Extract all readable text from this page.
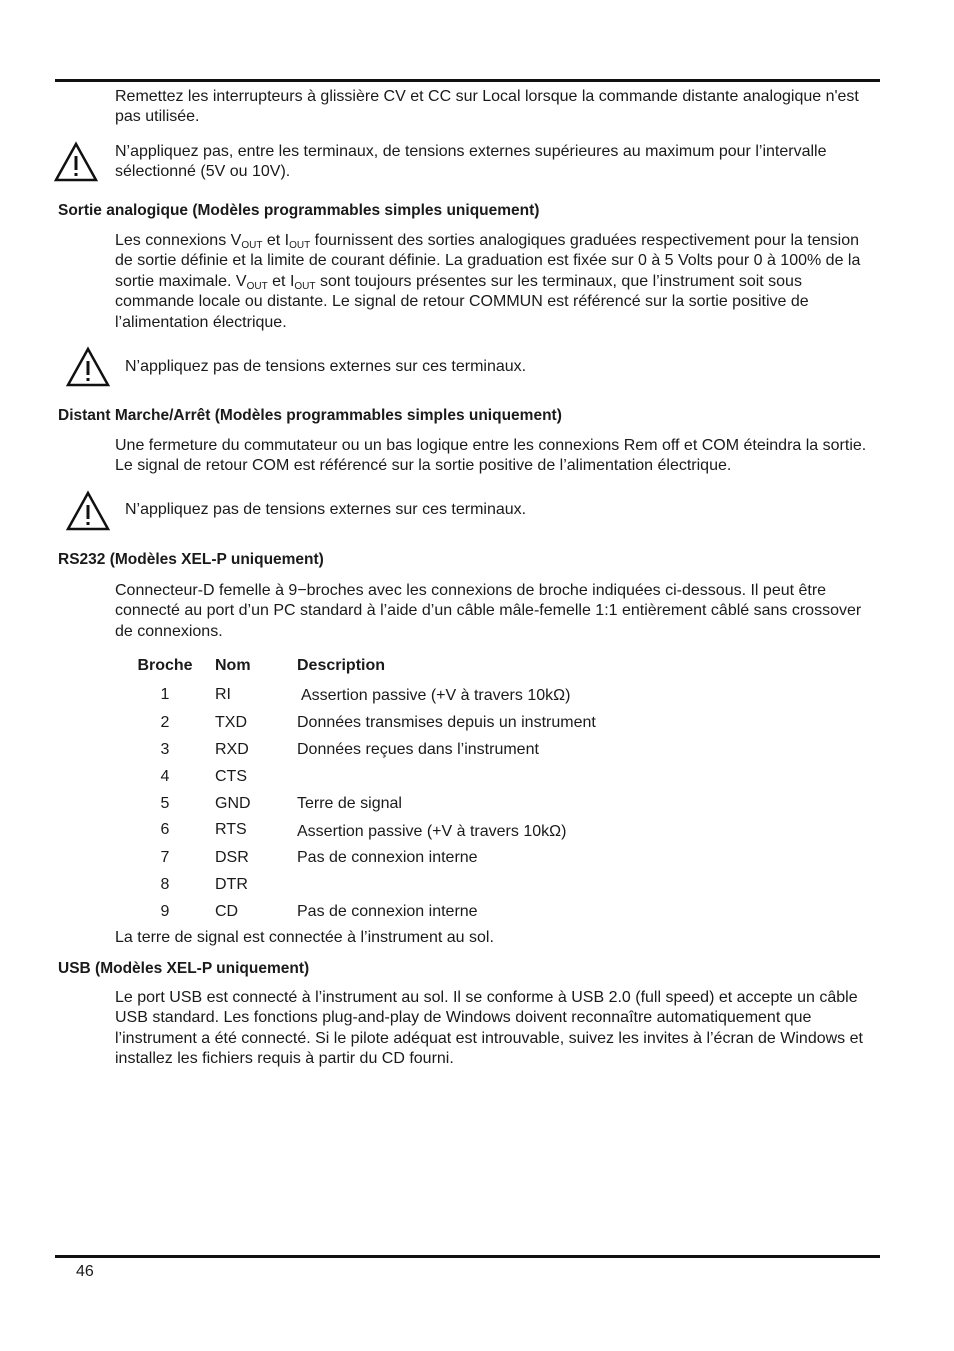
Remettez les interrupteurs à glissière CV et CC sur Local lorsque la commande distante analogique n'est pas utilisée.

N’appliquez pas, entre les terminaux, de tensions externes supérieures au maximum pour l’intervalle sélectionné (5V ou 10V).

Sortie analogique (Modèles programmables simples uniquement)

Les connexions $V_{OUT}$ et $I_{OUT}$ fournissent des sorties analogiques graduées respectivement pour la tension de sortie définie et la limite de courant définie. La graduation est fixée sur 0 à 5 Volts pour 0 à 100% de la sortie maximale. $V_{OUT}$ et $I_{OUT}$ sont toujours présentes sur les terminaux, que l’instrument soit sous commande locale ou distante. Le signal de retour COMMUN est référencé sur la sortie positive de l’alimentation électrique.

N’appliquez pas de tensions externes sur ces terminaux.

Distant Marche/Arrêt (Modèles programmables simples uniquement)

Une fermeture du commutateur ou un bas logique entre les connexions Rem off et COM éteindra la sortie. Le signal de retour COM est référencé sur la sortie positive de l’alimentation électrique.

N’appliquez pas de tensions externes sur ces terminaux.

RS232 (Modèles XEL-P uniquement)

Connecteur-D femelle à 9−broches avec les connexions de broche indiquées ci-dessous. Il peut être connecté au port d’un PC standard à l’aide d’un câble mâle-femelle 1:1 entièrement câblé sans crossover de connexions.

Broche Nom	Description
1	RI	Assertion passive (+V à travers 10kΩ)
2	TXD	Données transmises depuis un instrument
3	RXD	Données reçues dans l’instrument
4	CTS
5	GND	Terre de signal
6	RTS	Assertion passive (+V à travers 10kΩ)
7	DSR	Pas de connexion interne
8	DTR
9	CD	Pas de connexion interne

La terre de signal est connectée à l’instrument au sol.

USB (Modèles XEL-P uniquement)

Le port USB est connecté à l’instrument au sol. Il se conforme à USB 2.0 (full speed) et accepte un câble USB standard. Les fonctions plug-and-play de Windows doivent reconnaître automatiquement que l’instrument a été connecté. Si le pilote adéquat est introuvable, suivez les invites à l’écran de Windows et installez les fichiers requis à partir du CD fourni.

46
